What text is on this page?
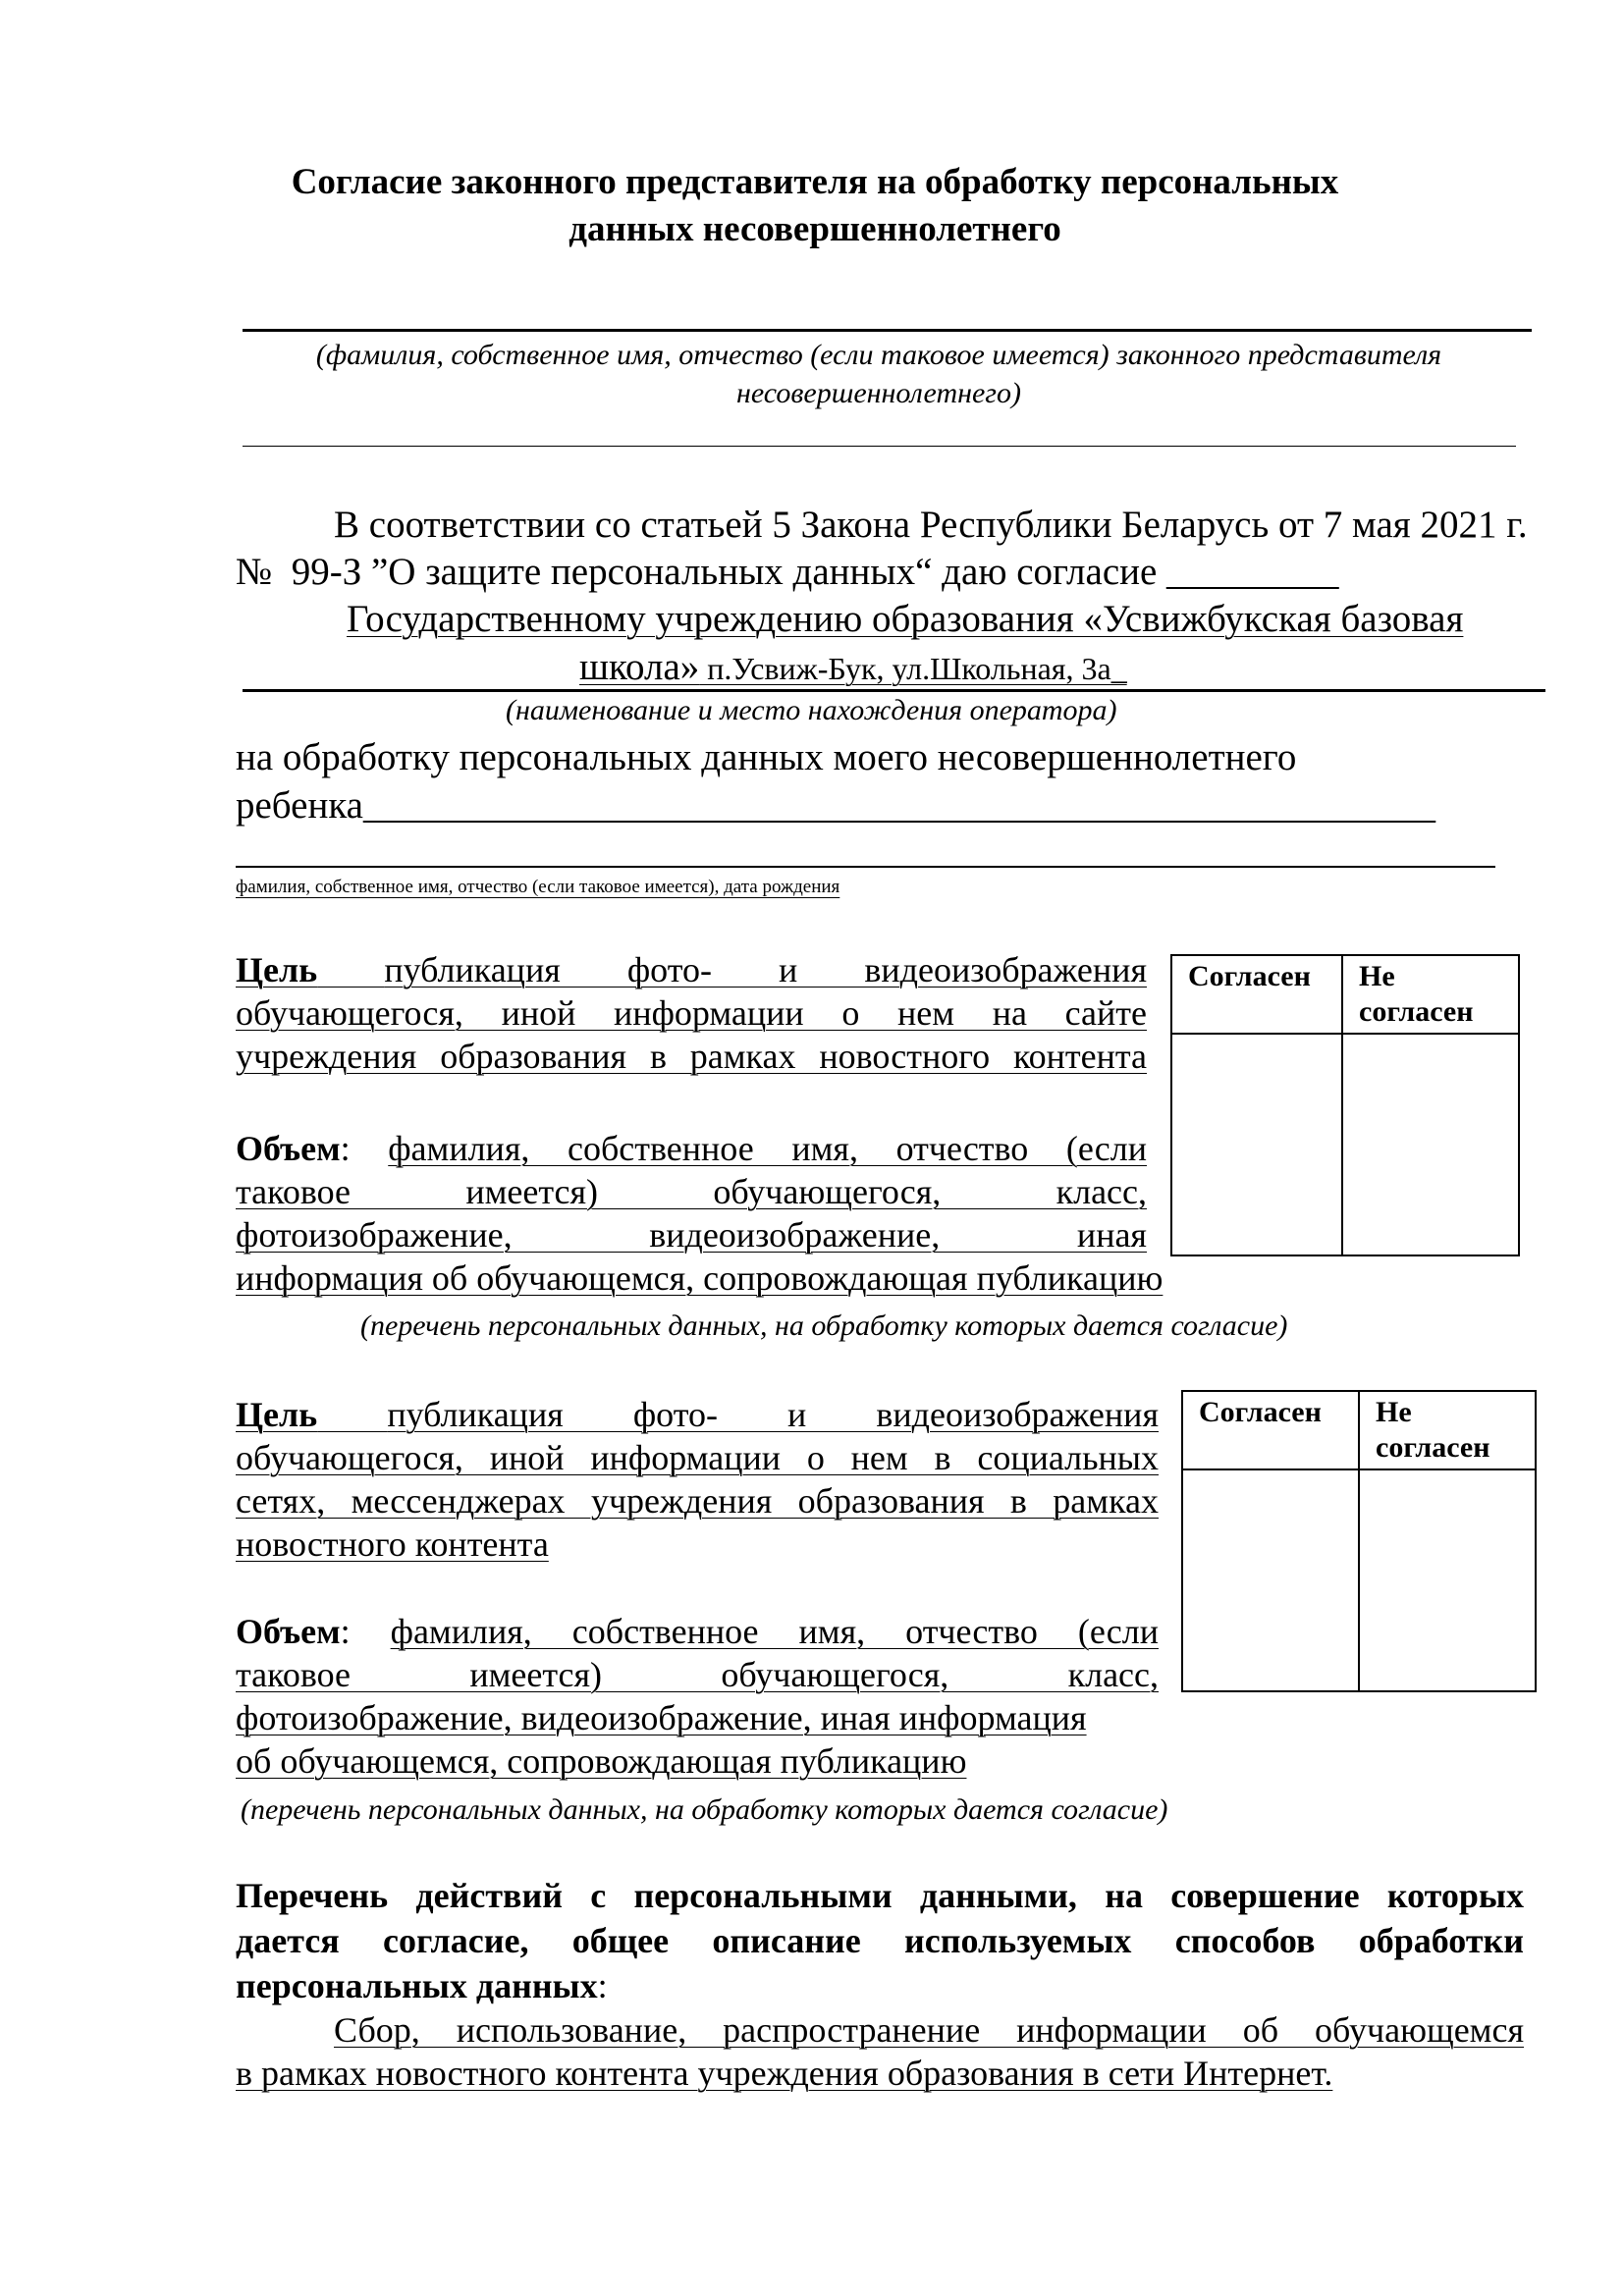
Согласие законного представителя на обработку персональных
данных несовершеннолетнего
(фамилия, собственное имя, отчество (если таковое имеется) законного представителя
несовершеннолетнего)
В соответствии со статьей 5 Закона Республики Беларусь от 7 мая 2021 г.
№  99-З ”О защите персональных данных“ даю согласие _________
Государственному учреждению образования «Усвижбукская базовая
школа» п.Усвиж-Бук, ул.Школьная, 3а_
(наименование и место нахождения оператора)
на обработку персональных данных моего несовершеннолетнего
ребенка________________________________________________________
фамилия, собственное имя, отчество (если таковое имеется), дата рождения
Цель публикация фото- и видеоизображения
обучающегося, иной информации о нем на сайте
учреждения образования в рамках новостного контента
Объем: фамилия, собственное имя, отчество (если
таковое имеется) обучающегося, класс,
фотоизображение, видеоизображение, иная
информация об обучающемся, сопровождающая публикацию
(перечень персональных данных, на обработку которых дается согласие)
Согласен	Не
согласен

Цель публикация фото- и видеоизображения
обучающегося, иной информации о нем в социальных
сетях, мессенджерах учреждения образования в рамках
новостного контента
Объем: фамилия, собственное имя, отчество (если
таковое имеется) обучающегося, класс,
фотоизображение, видеоизображение, иная информация
об обучающемся, сопровождающая публикацию
(перечень персональных данных, на обработку которых дается согласие)
Согласен	Не
согласен

Перечень действий с персональными данными, на совершение которых
дается согласие, общее описание используемых способов обработки
персональных данных:
Сбор, использование, распространение информации об обучающемся
в рамках новостного контента учреждения образования в сети Интернет.
